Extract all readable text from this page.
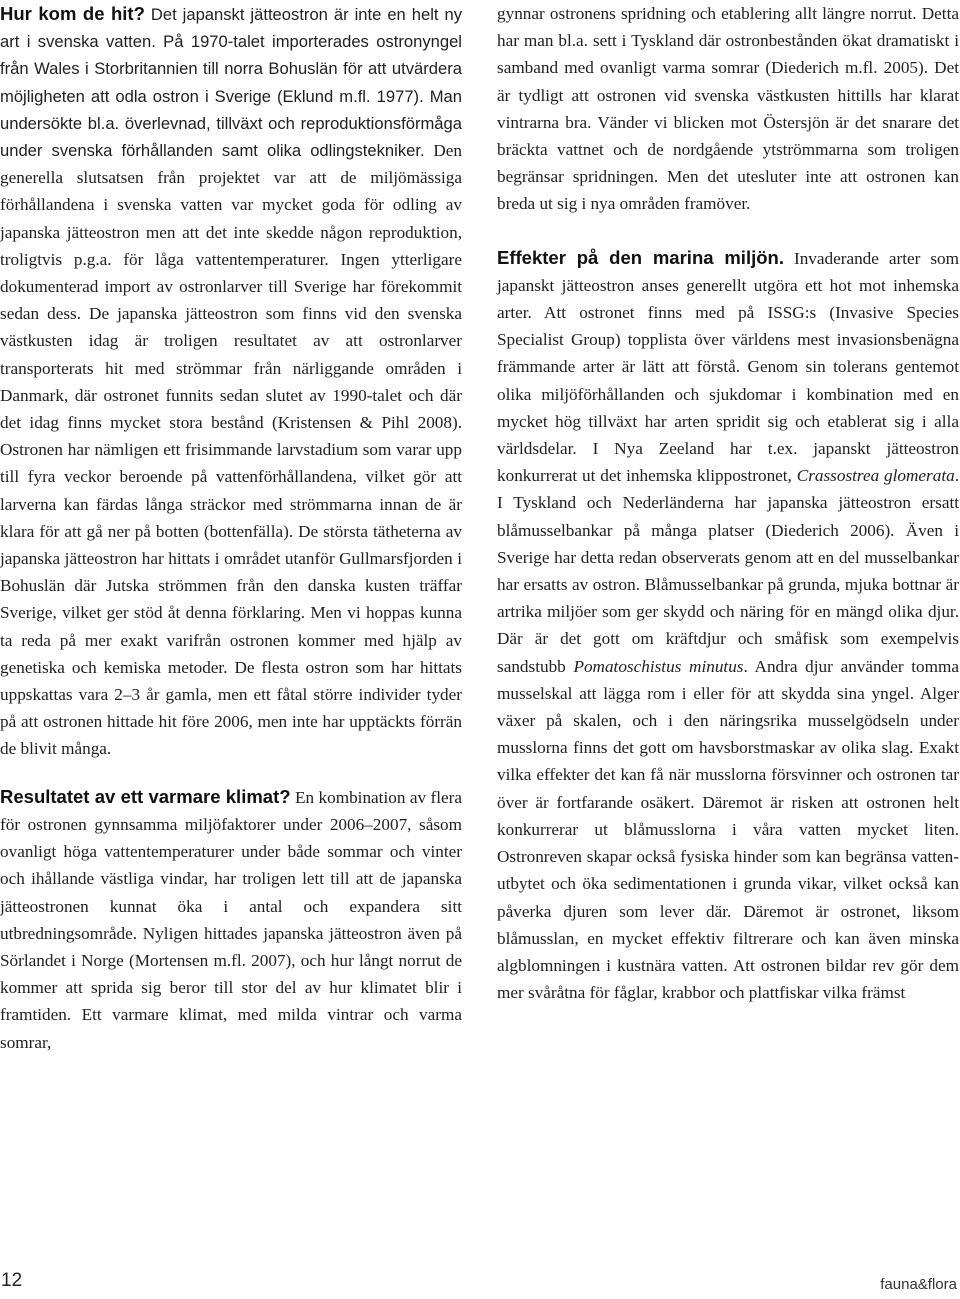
Hur kom de hit? Det japanskt jätteostron är inte en helt ny art i svenska vatten. På 1970-talet importerades ostronyngel från Wales i Storbritannien till norra Bohuslän för att utvärdera möjligheten att odla ostron i Sverige (Eklund m.fl. 1977). Man undersökte bl.a. överlevnad, tillväxt och reproduktionsförmåga under svenska förhållanden samt olika odlingstekniker. Den generella slutsatsen från projektet var att de miljömässiga förhållandena i svenska vatten var mycket goda för odling av japanska jätteostron men att det inte skedde någon reproduktion, troligtvis p.g.a. för låga vattentemperaturer. Ingen ytterligare dokumenterad import av ostronlarver till Sverige har förekommit sedan dess. De japanska jätteostron som finns vid den svenska västkusten idag är troligen resultatet av att ostronlarver transporterats hit med strömmar från närliggande områden i Danmark, där ostronet funnits sedan slutet av 1990-talet och där det idag finns mycket stora bestånd (Kristensen & Pihl 2008). Ostronen har nämligen ett frisimmande larvstadium som varar upp till fyra veckor beroende på vattenförhållandena, vilket gör att larverna kan färdas långa sträckor med strömmarna innan de är klara för att gå ner på botten (bottenfälla). De största tätheterna av japanska jätteostron har hittats i området utanför Gullmarsfjorden i Bohuslän där Jutska strömmen från den danska kusten träffar Sverige, vilket ger stöd åt denna förklaring. Men vi hoppas kunna ta reda på mer exakt varifrån ostronen kommer med hjälp av genetiska och kemiska metoder. De flesta ostron som har hittats uppskattas vara 2–3 år gamla, men ett fåtal större individer tyder på att ostronen hittade hit före 2006, men inte har upptäckts förrän de blivit många.

Resultatet av ett varmare klimat? En kombination av flera för ostronen gynnsamma miljöfaktorer under 2006–2007, såsom ovanligt höga vattentemperaturer under både sommar och vinter och ihållande västliga vindar, har troligen lett till att de japanska jätteostronen kunnat öka i antal och expandera sitt utbredningsområde. Nyligen hittades japanska jätteostron även på Sörlandet i Norge (Mortensen m.fl. 2007), och hur långt norrut de kommer att sprida sig beror till stor del av hur klimatet blir i framtiden. Ett varmare klimat, med milda vintrar och varma somrar,

gynnar ostronens spridning och etablering allt längre norrut. Detta har man bl.a. sett i Tyskland där ostronbestånden ökat dramatiskt i samband med ovanligt varma somrar (Diederich m.fl. 2005). Det är tydligt att ostronen vid svenska västkusten hittills har klarat vintrarna bra. Vänder vi blicken mot Östersjön är det snarare det bräckta vattnet och de nordgående ytströmmarna som troligen begränsar spridningen. Men det utesluter inte att ostronen kan breda ut sig i nya områden framöver.

Effekter på den marina miljön. Invaderande arter som japanskt jätteostron anses generellt utgöra ett hot mot inhemska arter. Att ostronet finns med på ISSG:s (Invasive Species Specialist Group) topplista över världens mest invasionsbenägna främmande arter är lätt att förstå. Genom sin tolerans gentemot olika miljöförhållanden och sjukdomar i kombination med en mycket hög tillväxt har arten spridit sig och etablerat sig i alla världsdelar. I Nya Zeeland har t.ex. japanskt jätteostron konkurrerat ut det inhemska klippostronet, Crassostrea glomerata. I Tyskland och Nederländerna har japanska jätteostron ersatt blåmusselbankar på många platser (Diederich 2006). Även i Sverige har detta redan observerats genom att en del musselbankar har ersatts av ostron. Blåmusselbankar på grunda, mjuka bottnar är artrika miljöer som ger skydd och näring för en mängd olika djur. Där är det gott om kräftdjur och småfisk som exempelvis sandstubb Pomatoschistus minutus. Andra djur använder tomma musselskal att lägga rom i eller för att skydda sina yngel. Alger växer på skalen, och i den näringsrika musselgödseln under musslorna finns det gott om havsborstmaskar av olika slag. Exakt vilka effekter det kan få när musslorna försvinner och ostronen tar över är fortfarande osäkert. Däremot är risken att ostronen helt konkurrerar ut blåmusslorna i våra vatten mycket liten. Ostronreven skapar också fysiska hinder som kan begränsa vattenutbytet och öka sedimentationen i grunda vikar, vilket också kan påverka djuren som lever där. Däremot är ostronet, liksom blåmusslan, en mycket effektiv filtrerare och kan även minska algblomningen i kustnära vatten. Att ostronen bildar rev gör dem mer svåråtna för fåglar, krabbor och plattfiskar vilka främst

12	fauna&flora
